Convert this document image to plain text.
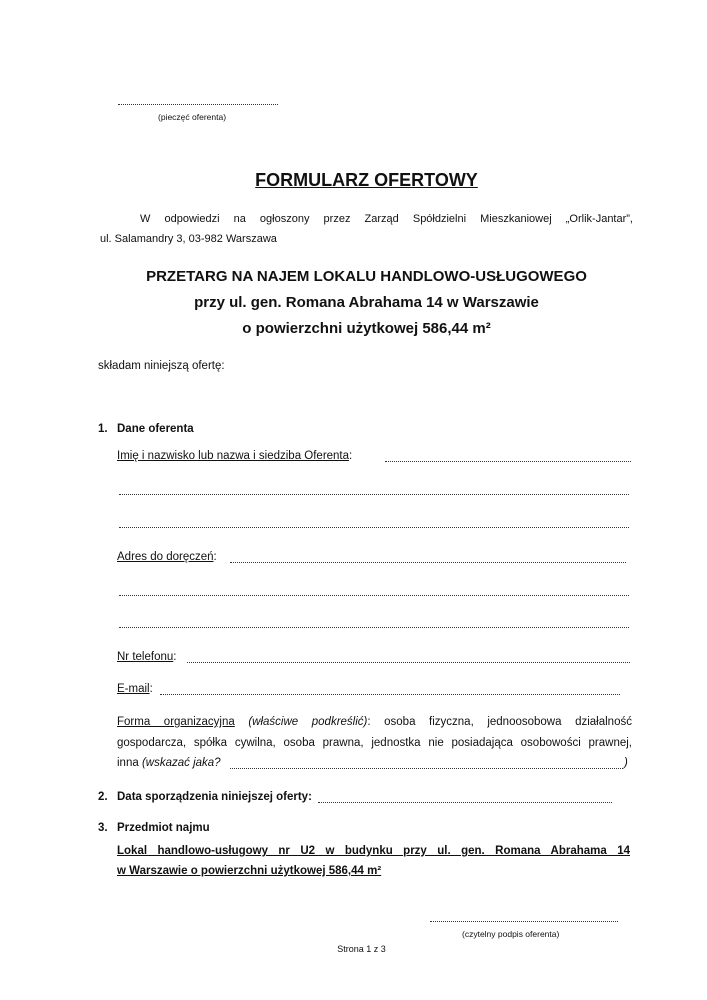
(pieczęć oferenta)
FORMULARZ OFERTOWY
W odpowiedzi na ogłoszony przez Zarząd Spółdzielni Mieszkaniowej „Orlik-Jantar”,
ul. Salamandry 3, 03-982 Warszawa
PRZETARG NA NAJEM LOKALU HANDLOWO-USŁUGOWEGO
przy ul. gen. Romana Abrahama 14 w Warszawie
o powierzchni użytkowej 586,44 m²
składam niniejszą ofertę:
1. Dane oferenta
Imię i nazwisko lub nazwa i siedziba Oferenta:
Adres do doręczeń:
Nr telefonu:
E-mail:
Forma organizacyjna (właściwe podkreślić): osoba fizyczna, jednoosobowa działalność
gospodarcza, spółka cywilna, osoba prawna, jednostka nie posiadająca osobowości prawnej,
inna (wskazać jaka?	)
2. Data sporządzenia niniejszej oferty:
3. Przedmiot najmu
Lokal handlowo-usługowy nr U2 w budynku przy ul. gen. Romana Abrahama 14
w Warszawie o powierzchni użytkowej 586,44 m²
(czytelny podpis oferenta)
Strona 1 z 3
